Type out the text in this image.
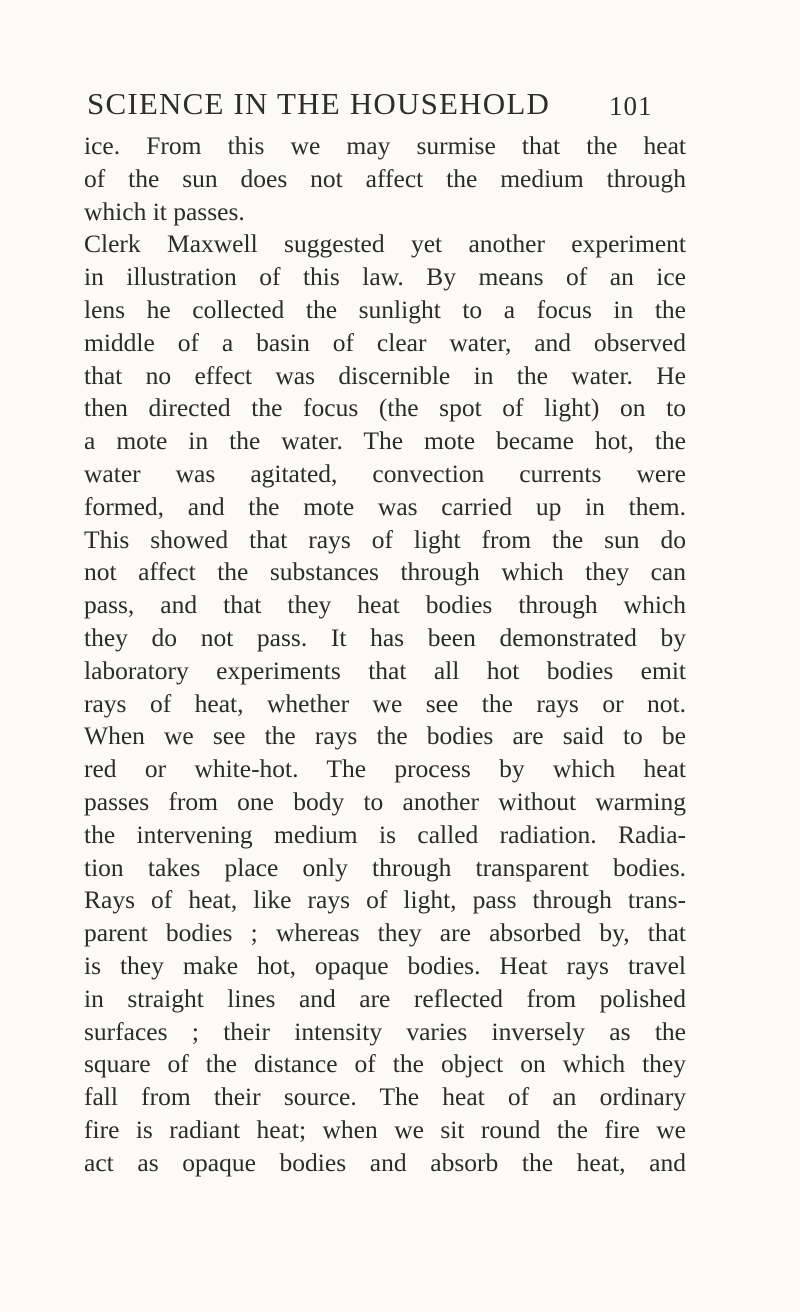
SCIENCE IN THE HOUSEHOLD 101
ice. From this we may surmise that the heat
of the sun does not affect the medium through
which it passes.
Clerk Maxwell suggested yet another experiment
in illustration of this law. By means of an ice
lens he collected the sunlight to a focus in the
middle of a basin of clear water, and observed
that no effect was discernible in the water. He
then directed the focus (the spot of light) on to
a mote in the water. The mote became hot, the
water was agitated, convection currents were
formed, and the mote was carried up in them.
This showed that rays of light from the sun do
not affect the substances through which they can
pass, and that they heat bodies through which
they do not pass. It has been demonstrated by
laboratory experiments that all hot bodies emit
rays of heat, whether we see the rays or not.
When we see the rays the bodies are said to be
red or white-hot. The process by which heat
passes from one body to another without warming
the intervening medium is called radiation. Radia-
tion takes place only through transparent bodies.
Rays of heat, like rays of light, pass through trans-
parent bodies ; whereas they are absorbed by, that
is they make hot, opaque bodies. Heat rays travel
in straight lines and are reflected from polished
surfaces ; their intensity varies inversely as the
square of the distance of the object on which they
fall from their source. The heat of an ordinary
fire is radiant heat; when we sit round the fire we
act as opaque bodies and absorb the heat, and
